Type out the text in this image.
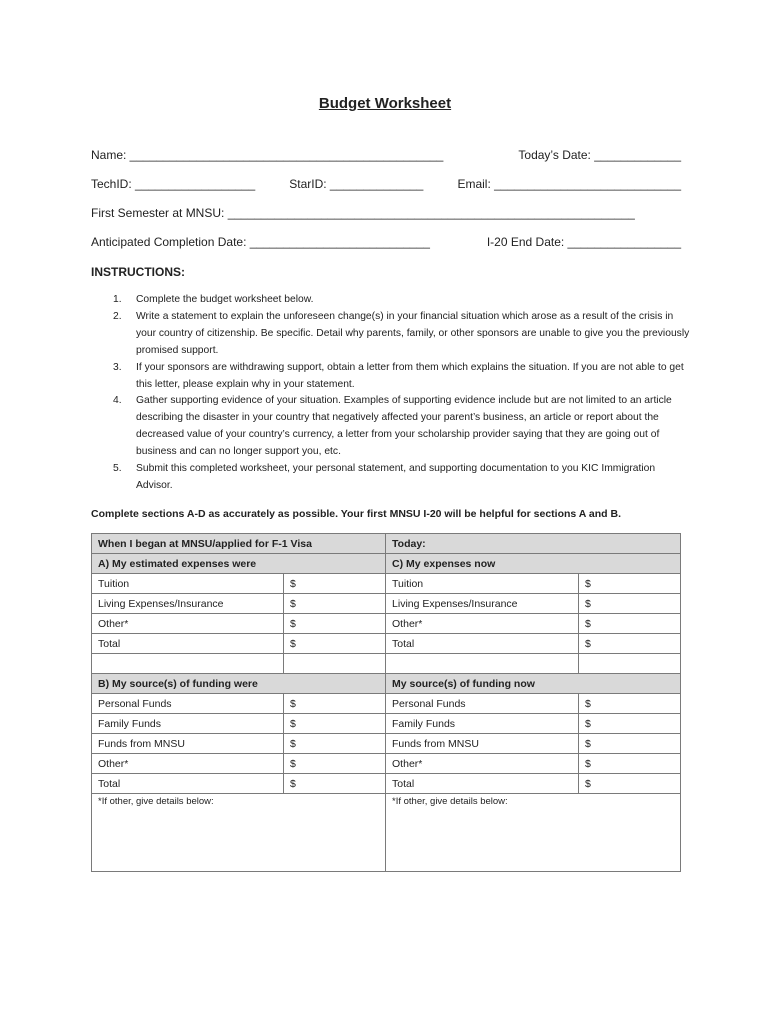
Budget Worksheet
Name: _______________________________________________	Today’s Date: _____________
TechID: __________________	StarID: ______________	Email: ____________________________
First Semester at MNSU: _____________________________________________________________
Anticipated Completion Date: ___________________________	I-20 End Date: _________________
INSTRUCTIONS:
1. Complete the budget worksheet below.
2. Write a statement to explain the unforeseen change(s) in your financial situation which arose as a result of the crisis in your country of citizenship. Be specific. Detail why parents, family, or other sponsors are unable to give you the previously promised support.
3. If your sponsors are withdrawing support, obtain a letter from them which explains the situation. If you are not able to get this letter, please explain why in your statement.
4. Gather supporting evidence of your situation. Examples of supporting evidence include but are not limited to an article describing the disaster in your country that negatively affected your parent’s business, an article or report about the decreased value of your country’s currency, a letter from your scholarship provider saying that they are going out of business and can no longer support you, etc.
5. Submit this completed worksheet, your personal statement, and supporting documentation to you KIC Immigration Advisor.
Complete sections A-D as accurately as possible. Your first MNSU I-20 will be helpful for sections A and B.
When I began at MNSU/applied for F-1 Visa		Today:	
A) My estimated expenses were		C) My expenses now	
Tuition	$	Tuition	$
Living Expenses/Insurance	$	Living Expenses/Insurance	$
Other*	$	Other*	$
Total	$	Total	$

B) My source(s) of funding were		My source(s) of funding now	
Personal Funds	$	Personal Funds	$
Family Funds	$	Family Funds	$
Funds from MNSU	$	Funds from MNSU	$
Other*	$	Other*	$
Total	$	Total	$
*If other, give details below:		*If other, give details below:	
